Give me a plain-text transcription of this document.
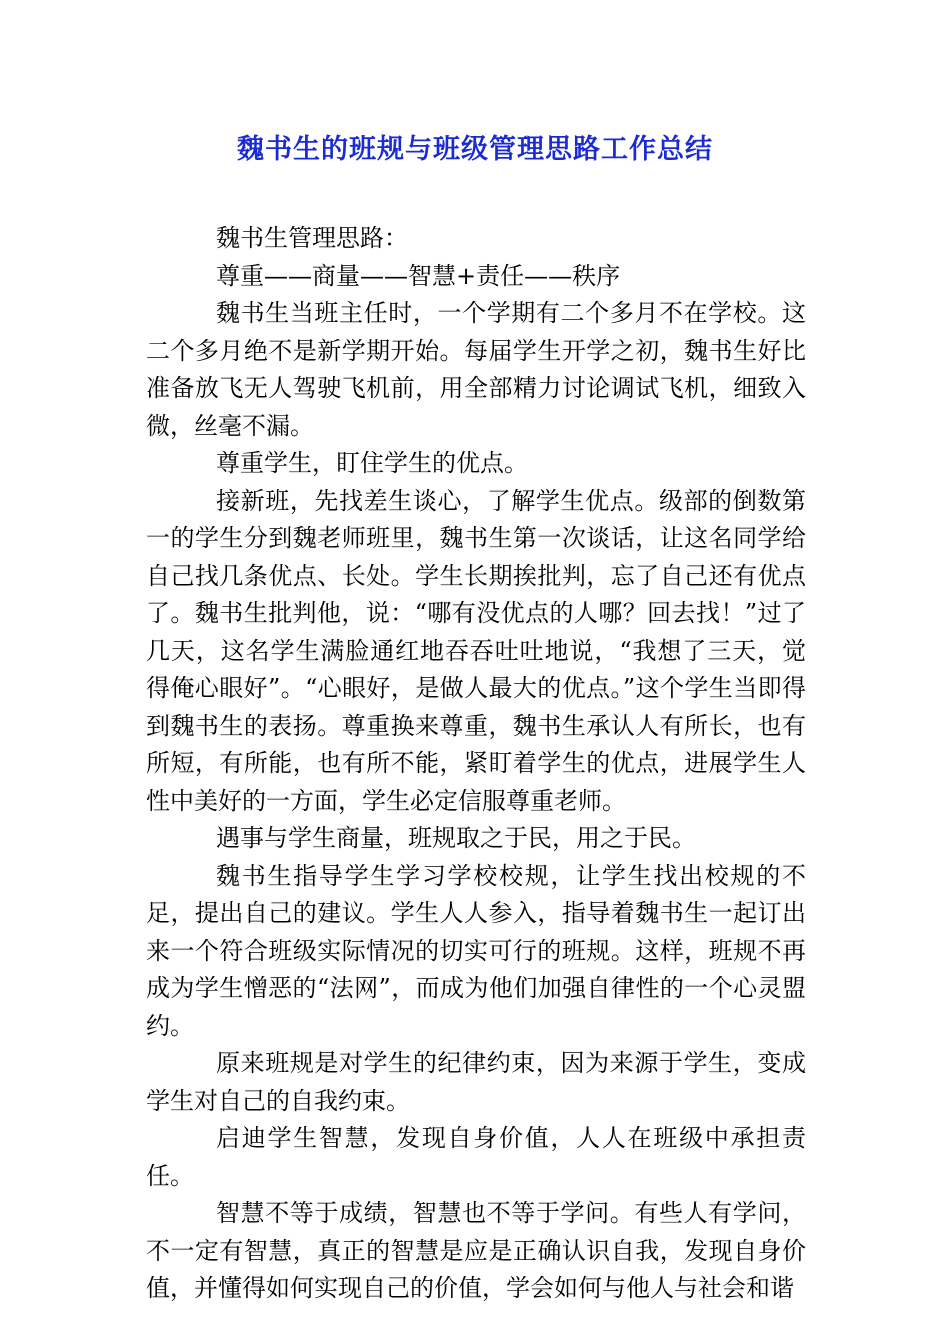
魏书生的班规与班级管理思路工作总结

魏书生管理思路：

尊重——商量——智慧+责任——秩序

魏书生当班主任时，一个学期有二个多月不在学校。这二个多月绝不是新学期开始。每届学生开学之初，魏书生好比准备放飞无人驾驶飞机前，用全部精力讨论调试飞机，细致入微，丝毫不漏。

尊重学生，盯住学生的优点。

接新班，先找差生谈心，了解学生优点。级部的倒数第一的学生分到魏老师班里，魏书生第一次谈话，让这名同学给自己找几条优点、长处。学生长期挨批判，忘了自己还有优点了。魏书生批判他，说：“哪有没优点的人哪？回去找！”过了几天，这名学生满脸通红地吞吞吐吐地说，“我想了三天，觉得俺心眼好”。“心眼好，是做人最大的优点。”这个学生当即得到魏书生的表扬。尊重换来尊重，魏书生承认人有所长，也有所短，有所能，也有所不能，紧盯着学生的优点，进展学生人性中美好的一方面，学生必定信服尊重老师。

遇事与学生商量，班规取之于民，用之于民。

魏书生指导学生学习学校校规，让学生找出校规的不足，提出自己的建议。学生人人参入，指导着魏书生一起订出来一个符合班级实际情况的切实可行的班规。这样，班规不再成为学生憎恶的“法网”，而成为他们加强自律性的一个心灵盟约。

原来班规是对学生的纪律约束，因为来源于学生，变成学生对自己的自我约束。

启迪学生智慧，发现自身价值，人人在班级中承担责任。

智慧不等于成绩，智慧也不等于学问。有些人有学问，不一定有智慧，真正的智慧是应是正确认识自我，发现自身价值，并懂得如何实现自己的价值，学会如何与他人与社会和谐
